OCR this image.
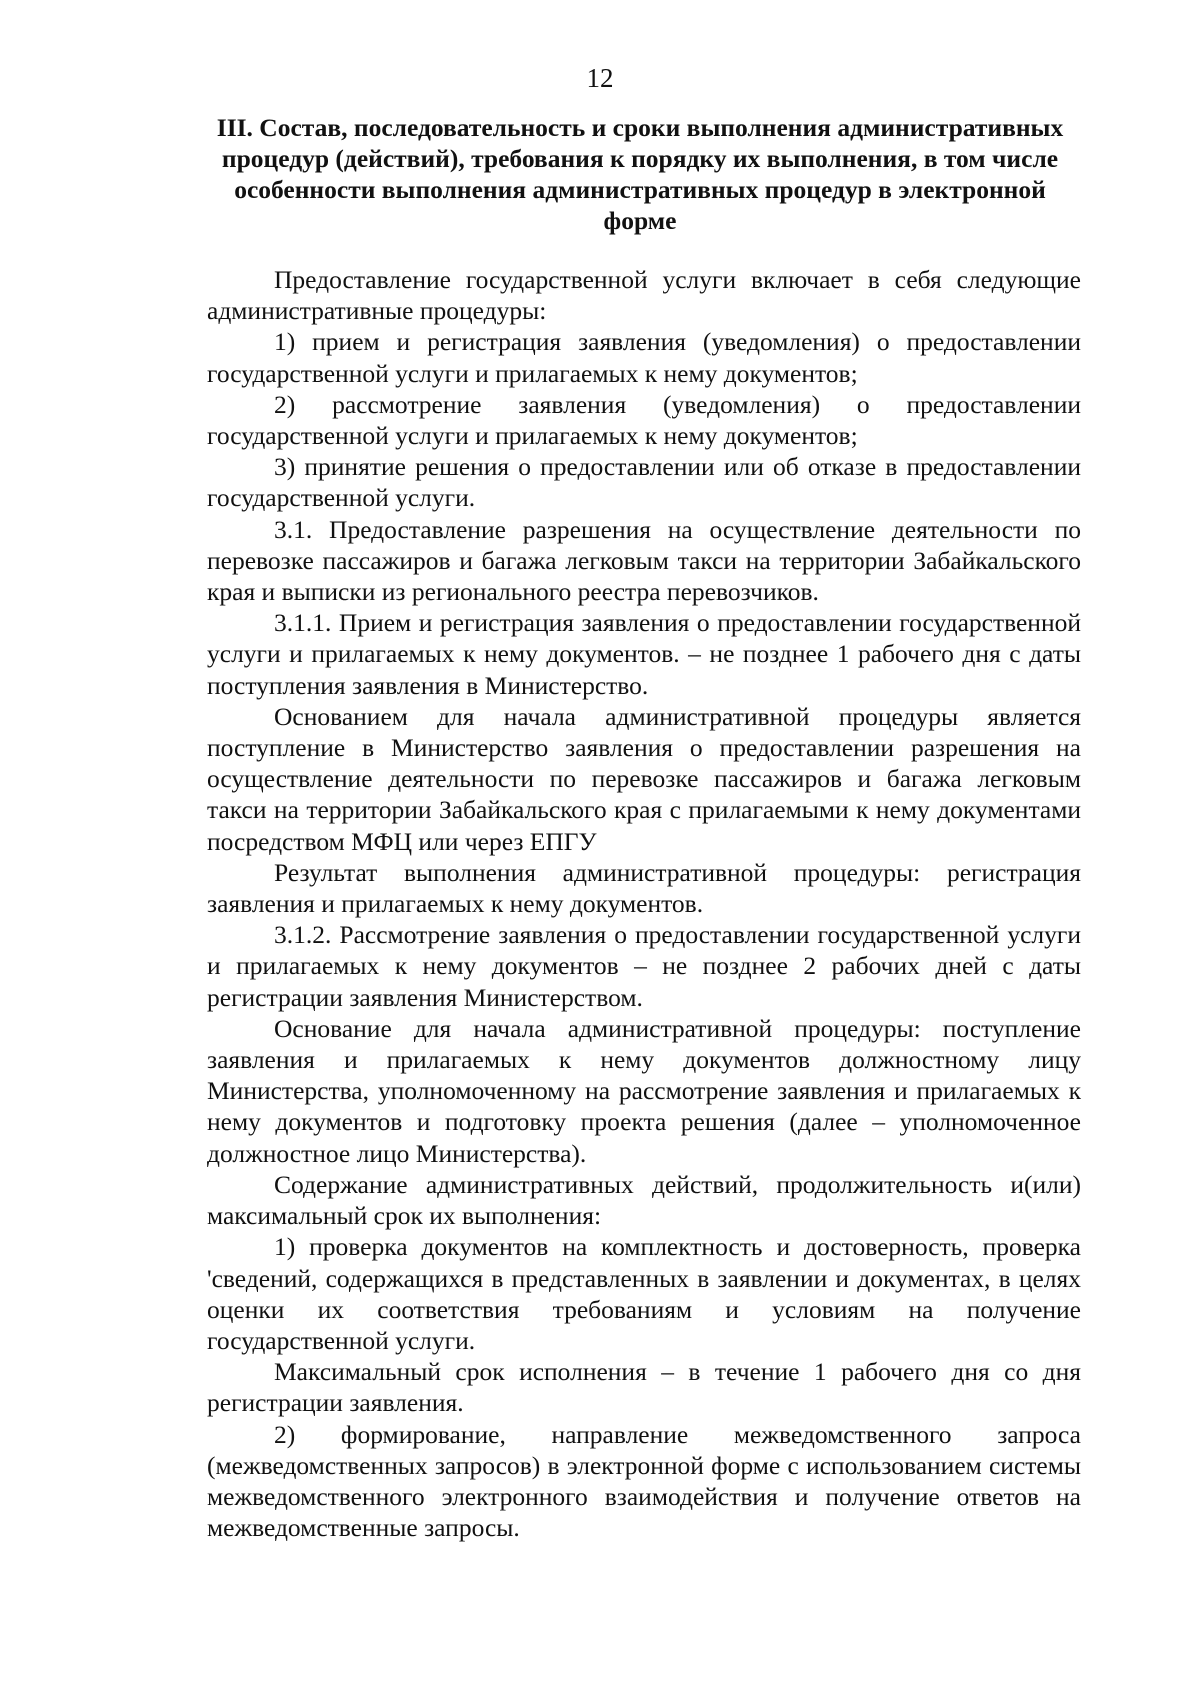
12

III. Состав, последовательность и сроки выполнения административных процедур (действий), требования к порядку их выполнения, в том числе особенности выполнения административных процедур в электронной форме

Предоставление государственной услуги включает в себя следующие административные процедуры:

1) прием и регистрация заявления (уведомления) о предоставлении государственной услуги и прилагаемых к нему документов;

2) рассмотрение заявления (уведомления) о предоставлении государственной услуги и прилагаемых к нему документов;

3) принятие решения о предоставлении или об отказе в предоставлении государственной услуги.

3.1. Предоставление разрешения на осуществление деятельности по перевозке пассажиров и багажа легковым такси на территории Забайкальского края и выписки из регионального реестра перевозчиков.

3.1.1. Прием и регистрация заявления о предоставлении государственной услуги и прилагаемых к нему документов. – не позднее 1 рабочего дня с даты поступления заявления в Министерство.

Основанием для начала административной процедуры является поступление в Министерство заявления о предоставлении разрешения на осуществление деятельности по перевозке пассажиров и багажа легковым такси на территории Забайкальского края с прилагаемыми к нему документами посредством МФЦ или через ЕПГУ

Результат выполнения административной процедуры: регистрация заявления и прилагаемых к нему документов.

3.1.2. Рассмотрение заявления о предоставлении государственной услуги и прилагаемых к нему документов – не позднее 2 рабочих дней с даты регистрации заявления Министерством.

Основание для начала административной процедуры: поступление заявления и прилагаемых к нему документов должностному лицу Министерства, уполномоченному на рассмотрение заявления и прилагаемых к нему документов и подготовку проекта решения (далее – уполномоченное должностное лицо Министерства).

Содержание административных действий, продолжительность и(или) максимальный срок их выполнения:

1) проверка документов на комплектность и достоверность, проверка 'сведений, содержащихся в представленных в заявлении и документах, в целях оценки их соответствия требованиям и условиям на получение государственной услуги.

Максимальный срок исполнения – в течение 1 рабочего дня со дня регистрации заявления.

2) формирование, направление межведомственного запроса (межведомственных запросов) в электронной форме с использованием системы межведомственного электронного взаимодействия и получение ответов на межведомственные запросы.
